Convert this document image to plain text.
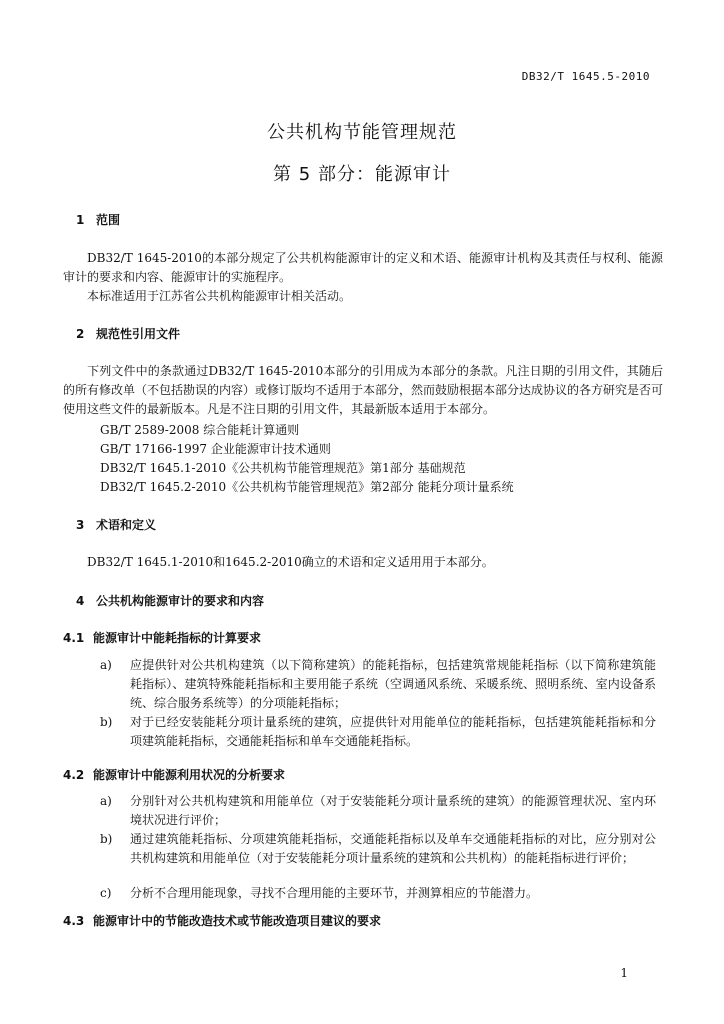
DB32/T 1645.5-2010
公共机构节能管理规范
第 5 部分：能源审计
1 范围
DB32/T 1645-2010的本部分规定了公共机构能源审计的定义和术语、能源审计机构及其责任与权利、能源审计的要求和内容、能源审计的实施程序。
本标准适用于江苏省公共机构能源审计相关活动。
2 规范性引用文件
下列文件中的条款通过DB32/T 1645-2010本部分的引用成为本部分的条款。凡注日期的引用文件，其随后的所有修改单（不包括勘误的内容）或修订版均不适用于本部分，然而鼓励根据本部分达成协议的各方研究是否可使用这些文件的最新版本。凡是不注日期的引用文件，其最新版本适用于本部分。
GB/T 2589-2008 综合能耗计算通则
GB/T 17166-1997 企业能源审计技术通则
DB32/T 1645.1-2010《公共机构节能管理规范》第1部分 基础规范
DB32/T 1645.2-2010《公共机构节能管理规范》第2部分 能耗分项计量系统
3 术语和定义
DB32/T 1645.1-2010和1645.2-2010确立的术语和定义适用用于本部分。
4 公共机构能源审计的要求和内容
4.1 能源审计中能耗指标的计算要求
a)	应提供针对公共机构建筑（以下简称建筑）的能耗指标，包括建筑常规能耗指标（以下简称建筑能耗指标）、建筑特殊能耗指标和主要用能子系统（空调通风系统、采暖系统、照明系统、室内设备系统、综合服务系统等）的分项能耗指标；
b)	对于已经安装能耗分项计量系统的建筑，应提供针对用能单位的能耗指标，包括建筑能耗指标和分项建筑能耗指标，交通能耗指标和单车交通能耗指标。
4.2 能源审计中能源利用状况的分析要求
a)	分别针对公共机构建筑和用能单位（对于安装能耗分项计量系统的建筑）的能源管理状况、室内环境状况进行评价；
b)	通过建筑能耗指标、分项建筑能耗指标，交通能耗指标以及单车交通能耗指标的对比，应分别对公共机构建筑和用能单位（对于安装能耗分项计量系统的建筑和公共机构）的能耗指标进行评价；
c)	分析不合理用能现象，寻找不合理用能的主要环节，并测算相应的节能潜力。
4.3 能源审计中的节能改造技术或节能改造项目建议的要求
1
